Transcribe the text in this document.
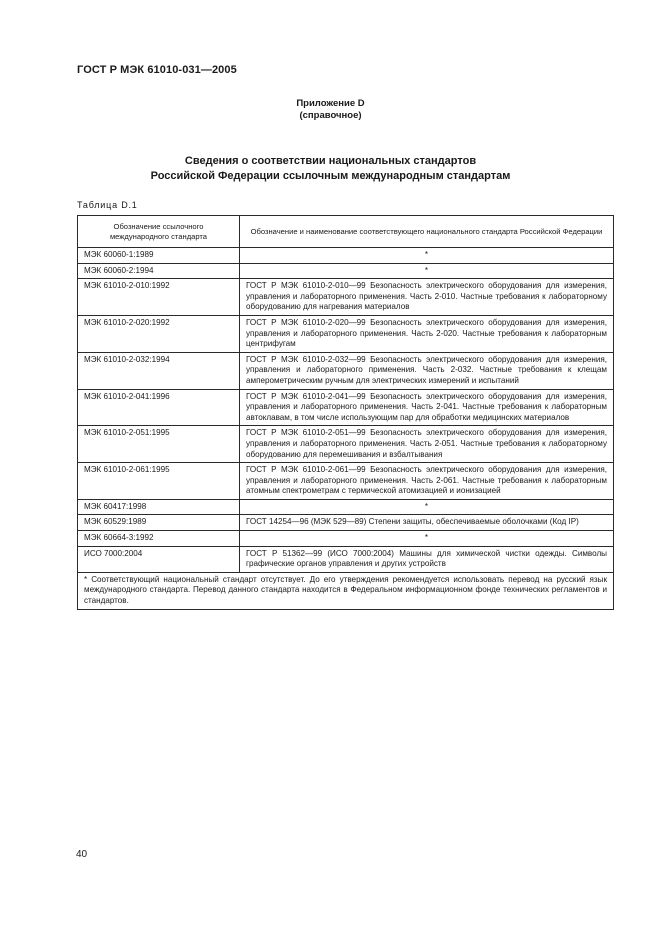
ГОСТ Р МЭК 61010-031—2005
Приложение D
(справочное)
Сведения о соответствии национальных стандартов
Российской Федерации ссылочным международным стандартам
Таблица D.1
Обозначение ссылочного международного стандарта	Обозначение и наименование соответствующего национального стандарта Российской Федерации
МЭК 60060-1:1989	*
МЭК 60060-2:1994	*
МЭК 61010-2-010:1992	ГОСТ Р МЭК 61010-2-010—99 Безопасность электрического оборудования для измерения, управления и лабораторного применения. Часть 2-010. Частные требования к лабораторному оборудованию для нагревания материалов
МЭК 61010-2-020:1992	ГОСТ Р МЭК 61010-2-020—99 Безопасность электрического оборудования для измерения, управления и лабораторного применения. Часть 2-020. Частные требования к лабораторным центрифугам
МЭК 61010-2-032:1994	ГОСТ Р МЭК 61010-2-032—99 Безопасность электрического оборудования для измерения, управления и лабораторного применения. Часть 2-032. Частные требования к клещам амперометрическим ручным для электрических измерений и испытаний
МЭК 61010-2-041:1996	ГОСТ Р МЭК 61010-2-041—99 Безопасность электрического оборудования для измерения, управления и лабораторного применения. Часть 2-041. Частные требования к лабораторным автоклавам, в том числе использующим пар для обработки медицинских материалов
МЭК 61010-2-051:1995	ГОСТ Р МЭК 61010-2-051—99 Безопасность электрического оборудования для измерения, управления и лабораторного применения. Часть 2-051. Частные требования к лабораторному оборудованию для перемешивания и взбалтывания
МЭК 61010-2-061:1995	ГОСТ Р МЭК 61010-2-061—99 Безопасность электрического оборудования для измерения, управления и лабораторного применения. Часть 2-061. Частные требования к лабораторным атомным спектрометрам с термической атомизацией и ионизацией
МЭК 60417:1998	*
МЭК 60529:1989	ГОСТ 14254—96 (МЭК 529—89) Степени защиты, обеспечиваемые оболочками (Код IP)
МЭК 60664-3:1992	*
ИСО 7000:2004	ГОСТ Р 51362—99 (ИСО 7000:2004) Машины для химической чистки одежды. Символы графические органов управления и других устройств
* Соответствующий национальный стандарт отсутствует. До его утверждения рекомендуется использовать перевод на русский язык международного стандарта. Перевод данного стандарта находится в Федеральном информационном фонде технических регламентов и стандартов.	
40
